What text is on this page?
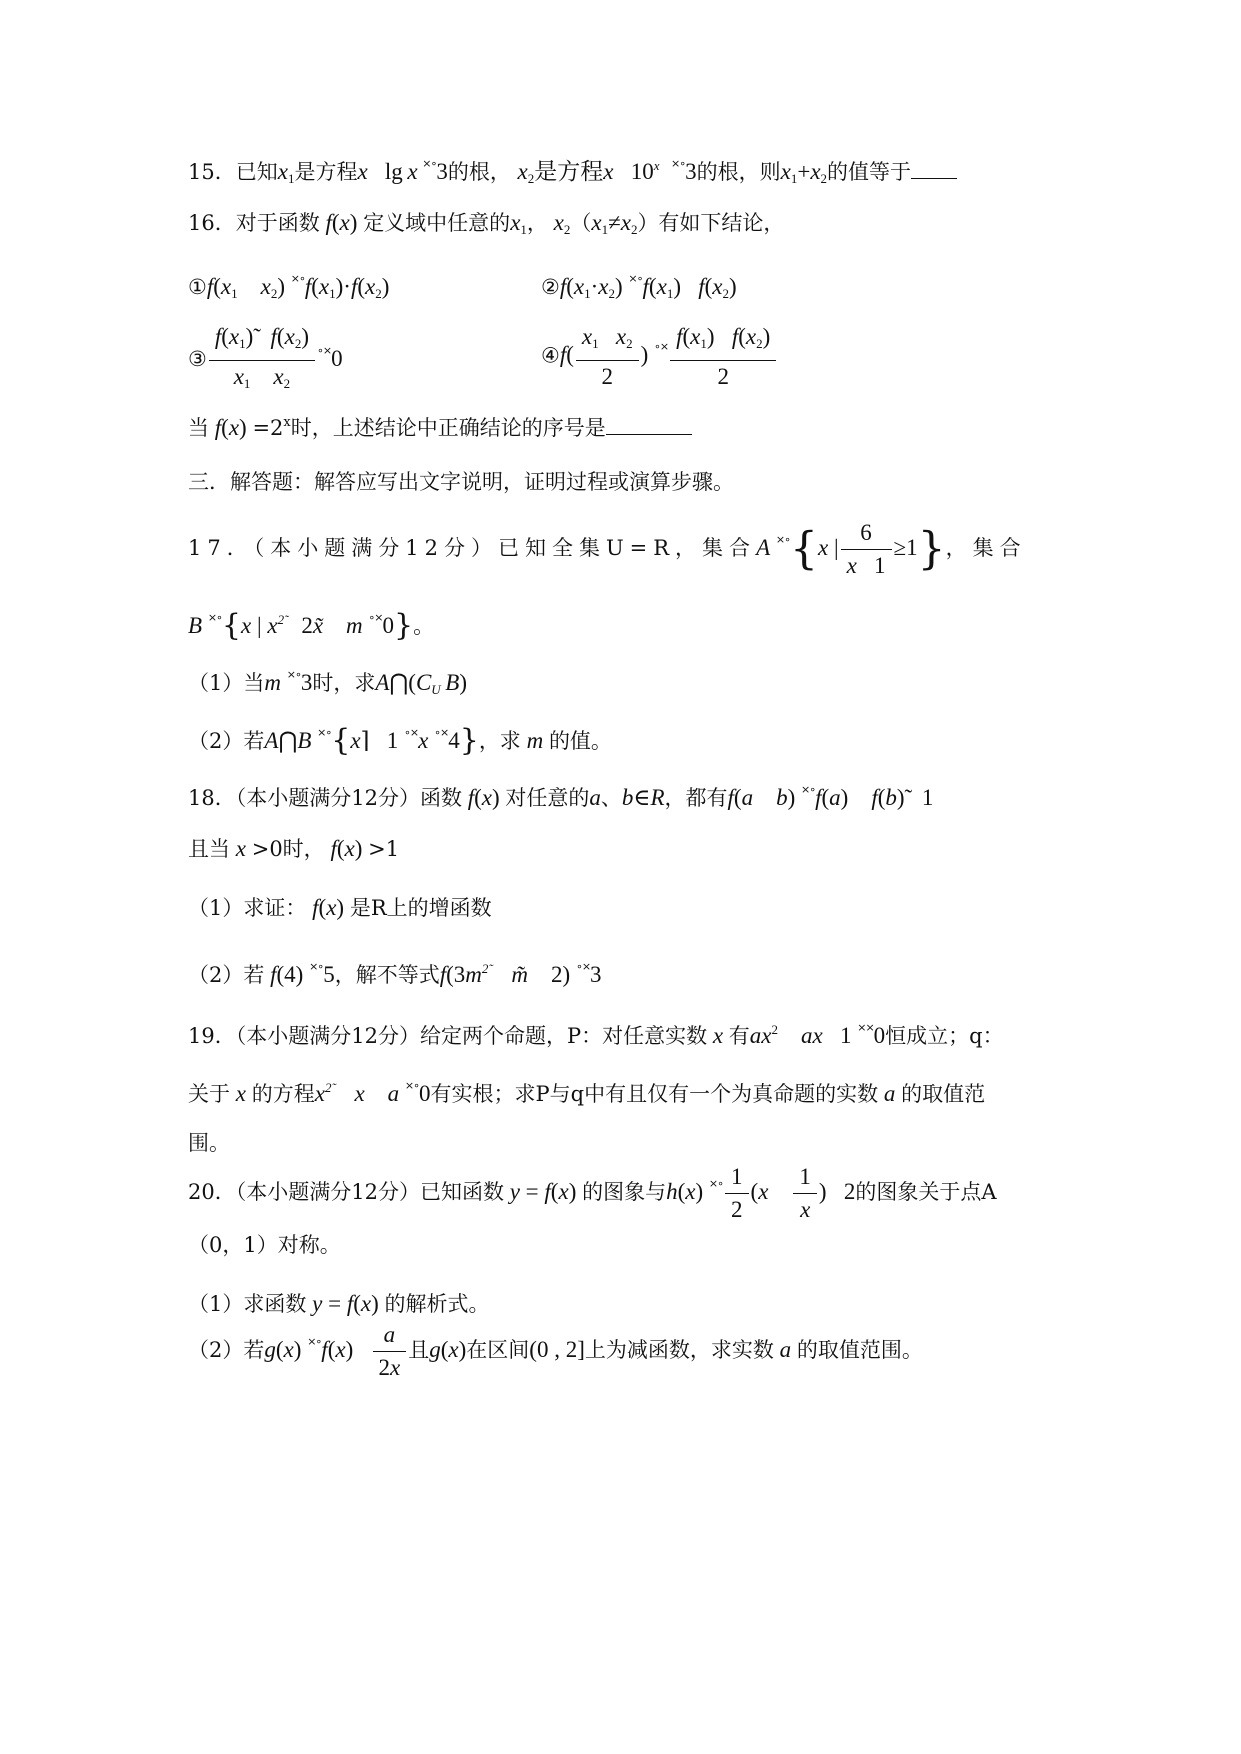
15．已知$x_1$是方程x   lg x ×∘3的根， $x_2$是方程x   10$^x$ ×∘3的根，则$x_1+x_2$的值等于
16．对于函数 f(x) 定义域中任意的$x_1$， $x_2(x_1\ne x_2)$有如下结论，
$①f(x_1$    $x_2$) $^{\times\circ}f(x_1)\cdot f(x_2)$	$②f(x_1\cdot x_2)$ $^{\times\circ}f(x_1)$   $f(x_2)$
③ $\frac{f(x_1)̃ f(x_2)}{x_1 x_2} ^{\circ\times}0$	④f( $\frac{x_1 x_2}{2}$ ) $^{\circ\times} \frac{f(x_1) f(x_2)}{2}$
当 $f(x) =2^x$时，上述结论中正确结论的序号是
三．解答题：解答应写出文字说明，证明过程或演算步骤。
17．（本小题满分12分）已知全集U=R，集合A ×∘{x | $\frac{6}{x 1} \ge 1$}，集合
B ×∘{x | $x^{2̃}$ 2x̃    m ∘×0}。
（1）当m ×∘3时，求$A⋂(C_U$ B)
（2）若A⋂B ×∘{x⌉ 1 ∘×x ∘×4}，求 m 的值。
18．（本小题满分12分）函数 f(x) 对任意的a、b∈R，都有f(a    b) ×∘f(a)    f(b)̃ 1
且当 x >0时， f(x) >1
（1）求证： f(x) 是R上的增函数
（2）若 f(4) ×∘5，解不等式$f(3m^{2̃}$    m̃    2) ∘×3
19．（本小题满分12分）给定两个命题，P：对任意实数 x 有$ax^2$    ax   1 ××0恒成立；q：
关于 x 的方程$x^{2̃}$    x    a ×∘0有实根；求P与q中有且仅有一个为真命题的实数 a 的取值范
围。
20．（本小题满分12分）已知函数 y = f(x) 的图象与h(x) $^{\times\circ} \frac{1}{2} (x \frac{1}{x}$ ) 2的图象关于点A
（0，1）对称。
（1）求函数 y = f(x) 的解析式。
（2）若g(x) $^{\times\circ}f(x) \frac{a}{2x}$ 且g(x)在区间(0 , 2]上为减函数，求实数 a 的取值范围。
